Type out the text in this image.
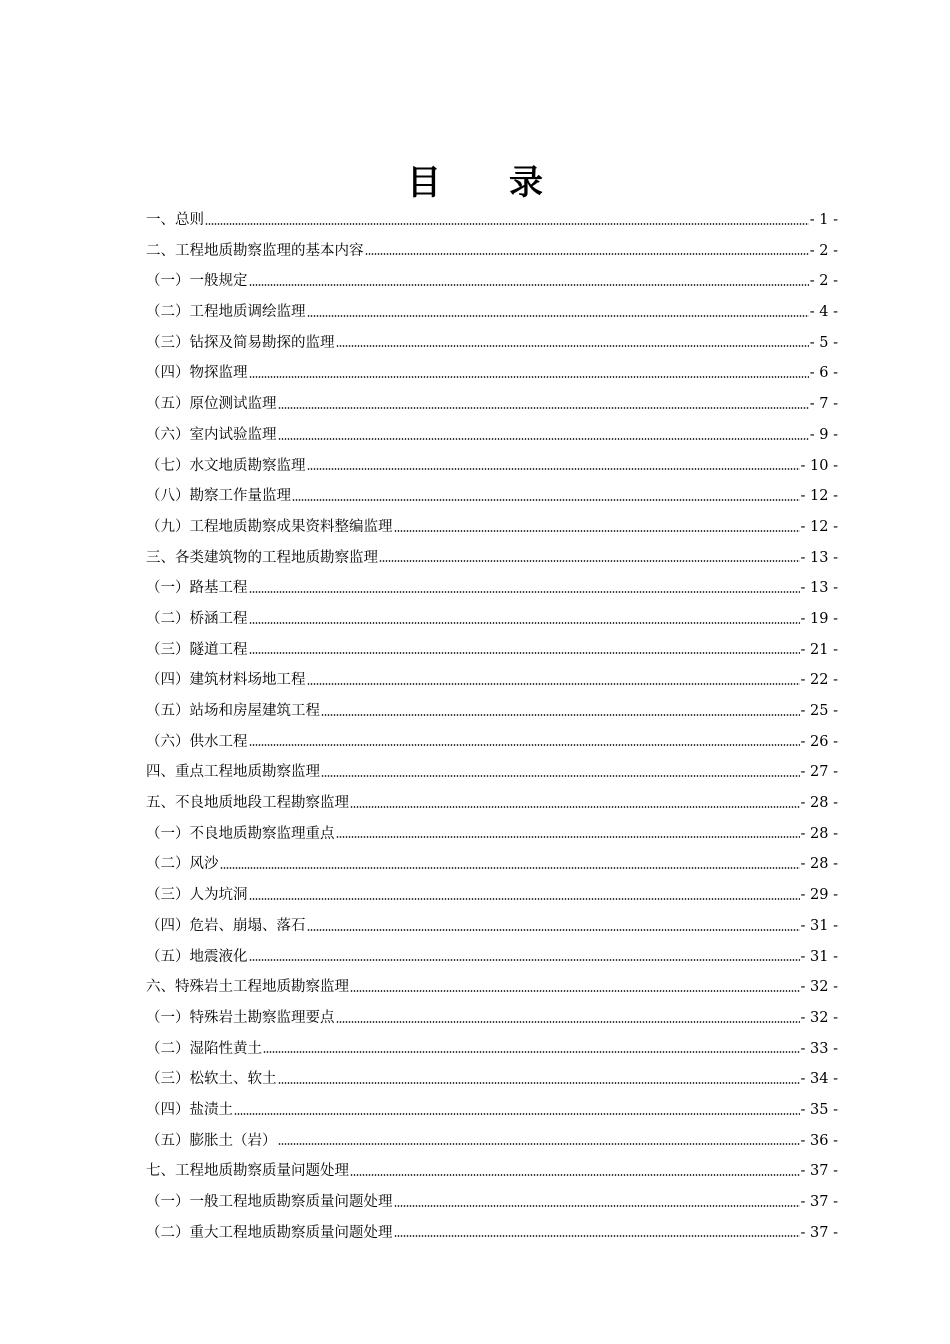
目　　录
一、总则	- 1 -
二、工程地质勘察监理的基本内容	- 2 -
（一）一般规定	- 2 -
（二）工程地质调绘监理	- 4 -
（三）钻探及简易勘探的监理	- 5 -
（四）物探监理	- 6 -
（五）原位测试监理	- 7 -
（六）室内试验监理	- 9 -
（七）水文地质勘察监理	- 10 -
（八）勘察工作量监理	- 12 -
（九）工程地质勘察成果资料整编监理	- 12 -
三、各类建筑物的工程地质勘察监理	- 13 -
（一）路基工程	- 13 -
（二）桥涵工程	- 19 -
（三）隧道工程	- 21 -
（四）建筑材料场地工程	- 22 -
（五）站场和房屋建筑工程	- 25 -
（六）供水工程	- 26 -
四、重点工程地质勘察监理	- 27 -
五、不良地质地段工程勘察监理	- 28 -
（一）不良地质勘察监理重点	- 28 -
（二）风沙	- 28 -
（三）人为坑洞	- 29 -
（四）危岩、崩塌、落石	- 31 -
（五）地震液化	- 31 -
六、特殊岩土工程地质勘察监理	- 32 -
（一）特殊岩土勘察监理要点	- 32 -
（二）湿陷性黄土	- 33 -
（三）松软土、软土	- 34 -
（四）盐渍土	- 35 -
（五）膨胀土（岩）	- 36 -
七、工程地质勘察质量问题处理	- 37 -
（一）一般工程地质勘察质量问题处理	- 37 -
（二）重大工程地质勘察质量问题处理	- 37 -
